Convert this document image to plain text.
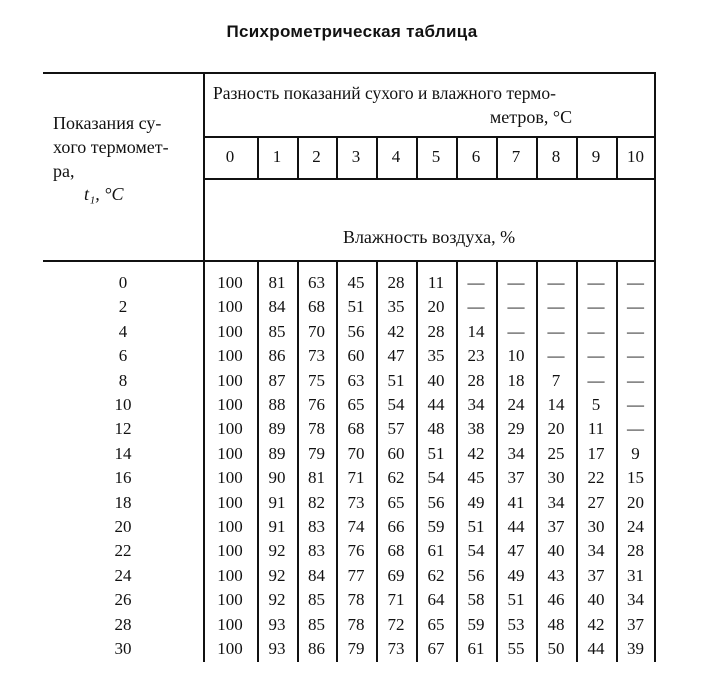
Психрометрическая таблица
Показания су-
хого термомет-
ра,
t₁, °С
Разность показаний сухого и влажного термо-
метров, °С
Влажность воздуха, %
0	1	2	3	4	5	6	7	8	9	10
0	100	81	63	45	28	11	—	—	—	—	—
2	100	84	68	51	35	20	—	—	—	—	—
4	100	85	70	56	42	28	14	—	—	—	—
6	100	86	73	60	47	35	23	10	—	—	—
8	100	87	75	63	51	40	28	18	7	—	—
10	100	88	76	65	54	44	34	24	14	5	—
12	100	89	78	68	57	48	38	29	20	11	—
14	100	89	79	70	60	51	42	34	25	17	9
16	100	90	81	71	62	54	45	37	30	22	15
18	100	91	82	73	65	56	49	41	34	27	20
20	100	91	83	74	66	59	51	44	37	30	24
22	100	92	83	76	68	61	54	47	40	34	28
24	100	92	84	77	69	62	56	49	43	37	31
26	100	92	85	78	71	64	58	51	46	40	34
28	100	93	85	78	72	65	59	53	48	42	37
30	100	93	86	79	73	67	61	55	50	44	39
